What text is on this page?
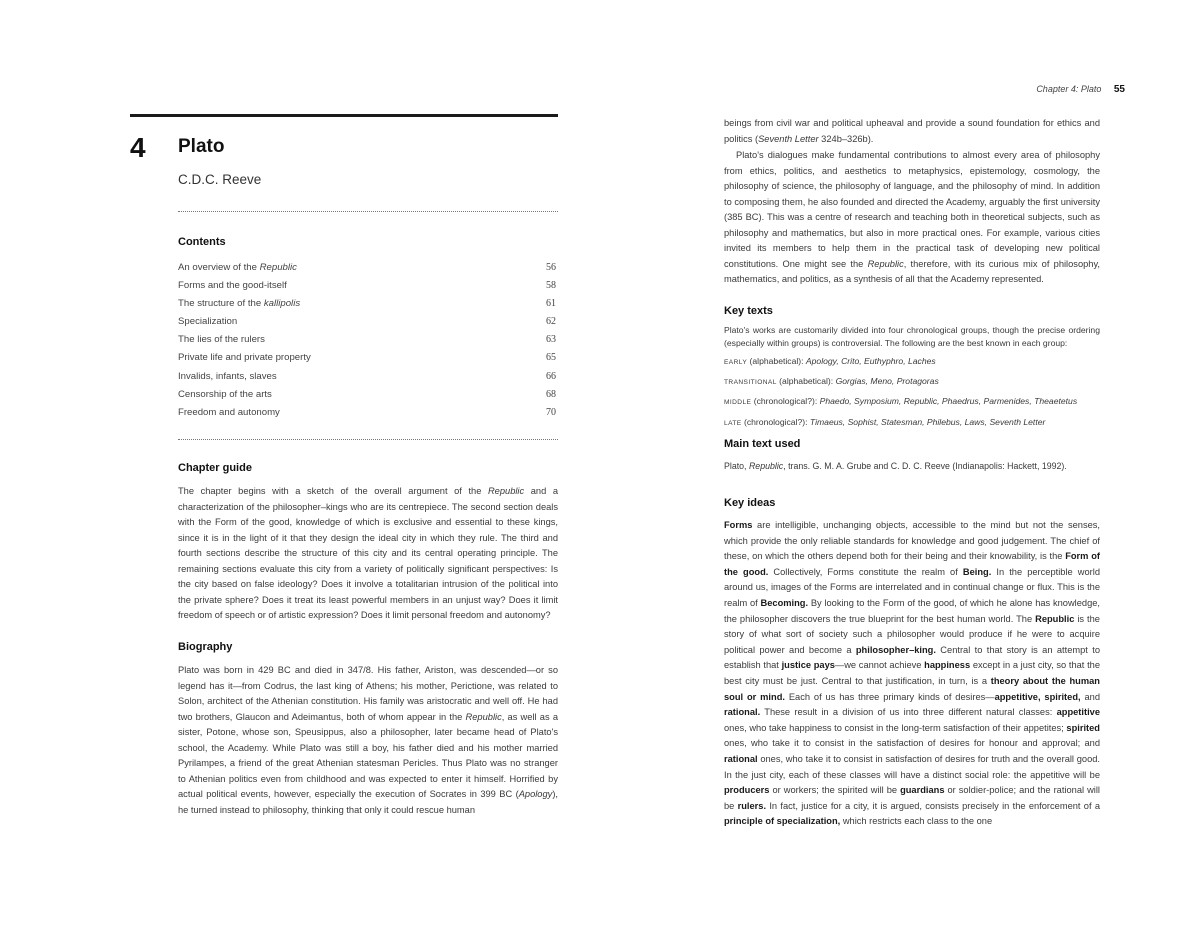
4 Plato
C.D.C. Reeve
Contents
An overview of the Republic	56
Forms and the good-itself	58
The structure of the kallipolis	61
Specialization	62
The lies of the rulers	63
Private life and private property	65
Invalids, infants, slaves	66
Censorship of the arts	68
Freedom and autonomy	70
Chapter guide

The chapter begins with a sketch of the overall argument of the Republic and a characterization of the philosopher–kings who are its centrepiece. The second section deals with the Form of the good, knowledge of which is exclusive and essential to these kings, since it is in the light of it that they design the ideal city in which they rule. The third and fourth sections describe the structure of this city and its central operating principle. The remaining sections evaluate this city from a variety of politically significant perspectives: Is the city based on false ideology? Does it involve a totalitarian intrusion of the political into the private sphere? Does it treat its least powerful members in an unjust way? Does it limit freedom of speech or of artistic expression? Does it limit personal freedom and autonomy?

Biography

Plato was born in 429 BC and died in 347/8. His father, Ariston, was descended—or so legend has it—from Codrus, the last king of Athens; his mother, Perictione, was related to Solon, architect of the Athenian constitution. His family was aristocratic and well off. He had two brothers, Glaucon and Adeimantus, both of whom appear in the Republic, as well as a sister, Potone, whose son, Speusippus, also a philosopher, later became head of Plato's school, the Academy. While Plato was still a boy, his father died and his mother married Pyrilampes, a friend of the great Athenian statesman Pericles. Thus Plato was no stranger to Athenian politics even from childhood and was expected to enter it himself. Horrified by actual political events, however, especially the execution of Socrates in 399 BC (Apology), he turned instead to philosophy, thinking that only it could rescue human

Chapter 4: Plato 55

beings from civil war and political upheaval and provide a sound foundation for ethics and politics (Seventh Letter 324b–326b).

Plato's dialogues make fundamental contributions to almost every area of philosophy from ethics, politics, and aesthetics to metaphysics, epistemology, cosmology, the philosophy of science, the philosophy of language, and the philosophy of mind. In addition to composing them, he also founded and directed the Academy, arguably the first university (385 BC). This was a centre of research and teaching both in theoretical subjects, such as philosophy and mathematics, but also in more practical ones. For example, various cities invited its members to help them in the practical task of developing new political constitutions. One might see the Republic, therefore, with its curious mix of philosophy, mathematics, and politics, as a synthesis of all that the Academy represented.

Key texts

Plato's works are customarily divided into four chronological groups, though the precise ordering (especially within groups) is controversial. The following are the best known in each group:

EARLY (alphabetical): Apology, Crito, Euthyphro, Laches
TRANSITIONAL (alphabetical): Gorgias, Meno, Protagoras
MIDDLE (chronological?): Phaedo, Symposium, Republic, Phaedrus, Parmenides, Theaetetus
LATE (chronological?): Timaeus, Sophist, Statesman, Philebus, Laws, Seventh Letter
Main text used

Plato, Republic, trans. G. M. A. Grube and C. D. C. Reeve (Indianapolis: Hackett, 1992).

Key ideas

Forms are intelligible, unchanging objects, accessible to the mind but not the senses, which provide the only reliable standards for knowledge and good judgement. The chief of these, on which the others depend both for their being and their knowability, is the Form of the good. Collectively, Forms constitute the realm of Being. In the perceptible world around us, images of the Forms are interrelated and in continual change or flux. This is the realm of Becoming. By looking to the Form of the good, of which he alone has knowledge, the philosopher discovers the true blueprint for the best human world. The Republic is the story of what sort of society such a philosopher would produce if he were to acquire political power and become a philosopher–king. Central to that story is an attempt to establish that justice pays—we cannot achieve happiness except in a just city, so that the best city must be just. Central to that justification, in turn, is a theory about the human soul or mind. Each of us has three primary kinds of desires—appetitive, spirited, and rational. These result in a division of us into three different natural classes: appetitive ones, who take happiness to consist in the long-term satisfaction of their appetites; spirited ones, who take it to consist in the satisfaction of desires for honour and approval; and rational ones, who take it to consist in satisfaction of desires for truth and the overall good. In the just city, each of these classes will have a distinct social role: the appetitive will be producers or workers; the spirited will be guardians or soldier-police; and the rational will be rulers. In fact, justice for a city, it is argued, consists precisely in the enforcement of a principle of specialization, which restricts each class to the one
